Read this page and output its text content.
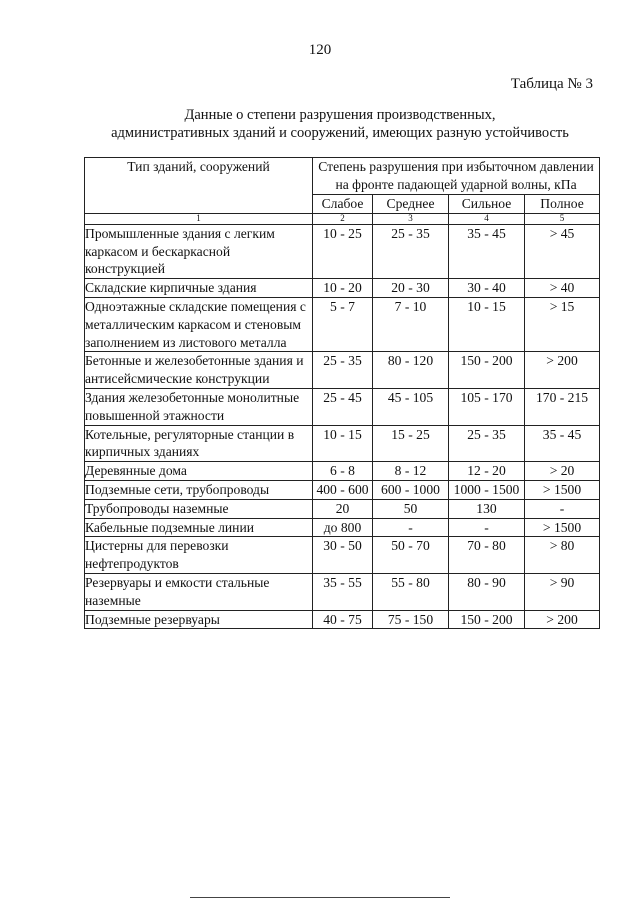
120
Таблица № 3
Данные о степени разрушения производственных,
административных зданий и сооружений, имеющих разную устойчивость
Тип зданий, сооружений	Степень разрушения при избыточном давлении на фронте падающей ударной волны, кПа			
	Слабое	Среднее	Сильное	Полное
1	2	3	4	5
Промышленные здания с легким каркасом и бескаркасной конструкцией	10 - 25	25 - 35	35 - 45	> 45
Складские кирпичные здания	10 - 20	20 - 30	30 - 40	> 40
Одноэтажные складские помещения с металлическим каркасом и стеновым заполнением из листового металла	5 - 7	7 - 10	10 - 15	> 15
Бетонные и железобетонные здания и антисейсмические конструкции	25 - 35	80 - 120	150 - 200	> 200
Здания железобетонные монолитные повышенной этажности	25 - 45	45 - 105	105 - 170	170 - 215
Котельные, регуляторные станции в кирпичных зданиях	10 - 15	15 - 25	25 - 35	35 - 45
Деревянные дома	6 - 8	8 - 12	12 - 20	> 20
Подземные сети, трубопроводы	400 - 600	600 - 1000	1000 - 1500	> 1500
Трубопроводы наземные	20	50	130	-
Кабельные подземные линии	до 800	-	-	> 1500
Цистерны для перевозки нефтепродуктов	30 - 50	50 - 70	70 - 80	> 80
Резервуары и емкости стальные наземные	35 - 55	55 - 80	80 - 90	> 90
Подземные резервуары	40 - 75	75 - 150	150 - 200	> 200
